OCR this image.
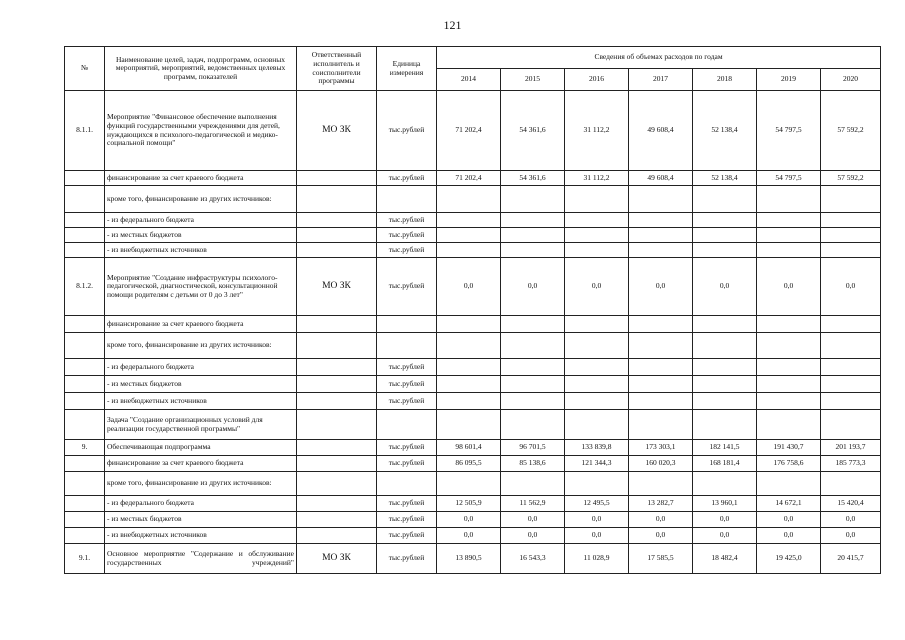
121
№	Наименование целей, задач, подпрограмм, основных мероприятий, мероприятий, ведомственных целевых программ, показателей	Ответственный исполнитель и соисполнители программы	Единица измерения	Сведения об объемах расходов по годам						
				2014	2015	2016	2017	2018	2019	2020
8.1.1.	Мероприятие "Финансовое обеспечение выполнения функций государственными учреждениями для детей, нуждающихся в психолого-педагогической и медико-социальной помощи"	МО ЗК	тыс.рублей	71 202,4	54 361,6	31 112,2	49 608,4	52 138,4	54 797,5	57 592,2
	финансирование за счет краевого бюджета		тыс.рублей	71 202,4	54 361,6	31 112,2	49 608,4	52 138,4	54 797,5	57 592,2
	кроме того, финансирование из других источников:									
	- из федерального бюджета		тыс.рублей							
	- из местных бюджетов		тыс.рублей							
	- из внебюджетных источников		тыс.рублей							
8.1.2.	Мероприятие "Создание инфраструктуры психолого-педагогической, диагностической, консультационной помощи родителям с детьми от 0 до 3 лет"	МО ЗК	тыс.рублей	0,0	0,0	0,0	0,0	0,0	0,0	0,0
	финансирование за счет краевого бюджета									
	кроме того, финансирование из других источников:									
	- из федерального бюджета		тыс.рублей							
	- из местных бюджетов		тыс.рублей							
	- из внебюджетных источников		тыс.рублей							
	Задача "Создание организационных условий для реализации государственной программы"									
9.	Обеспечивающая подпрограмма		тыс.рублей	98 601,4	96 701,5	133 839,8	173 303,1	182 141,5	191 430,7	201 193,7
	финансирование за счет краевого бюджета		тыс.рублей	86 095,5	85 138,6	121 344,3	160 020,3	168 181,4	176 758,6	185 773,3
	кроме того, финансирование из других источников:									
	- из федерального бюджета		тыс.рублей	12 505,9	11 562,9	12 495,5	13 282,7	13 960,1	14 672,1	15 420,4
	- из местных бюджетов		тыс.рублей	0,0	0,0	0,0	0,0	0,0	0,0	0,0
	- из внебюджетных источников		тыс.рублей	0,0	0,0	0,0	0,0	0,0	0,0	0,0
9.1.	Основное мероприятие "Содержание и обслуживание государственных учреждений"	МО ЗК	тыс.рублей	13 890,5	16 543,3	11 028,9	17 585,5	18 482,4	19 425,0	20 415,7
